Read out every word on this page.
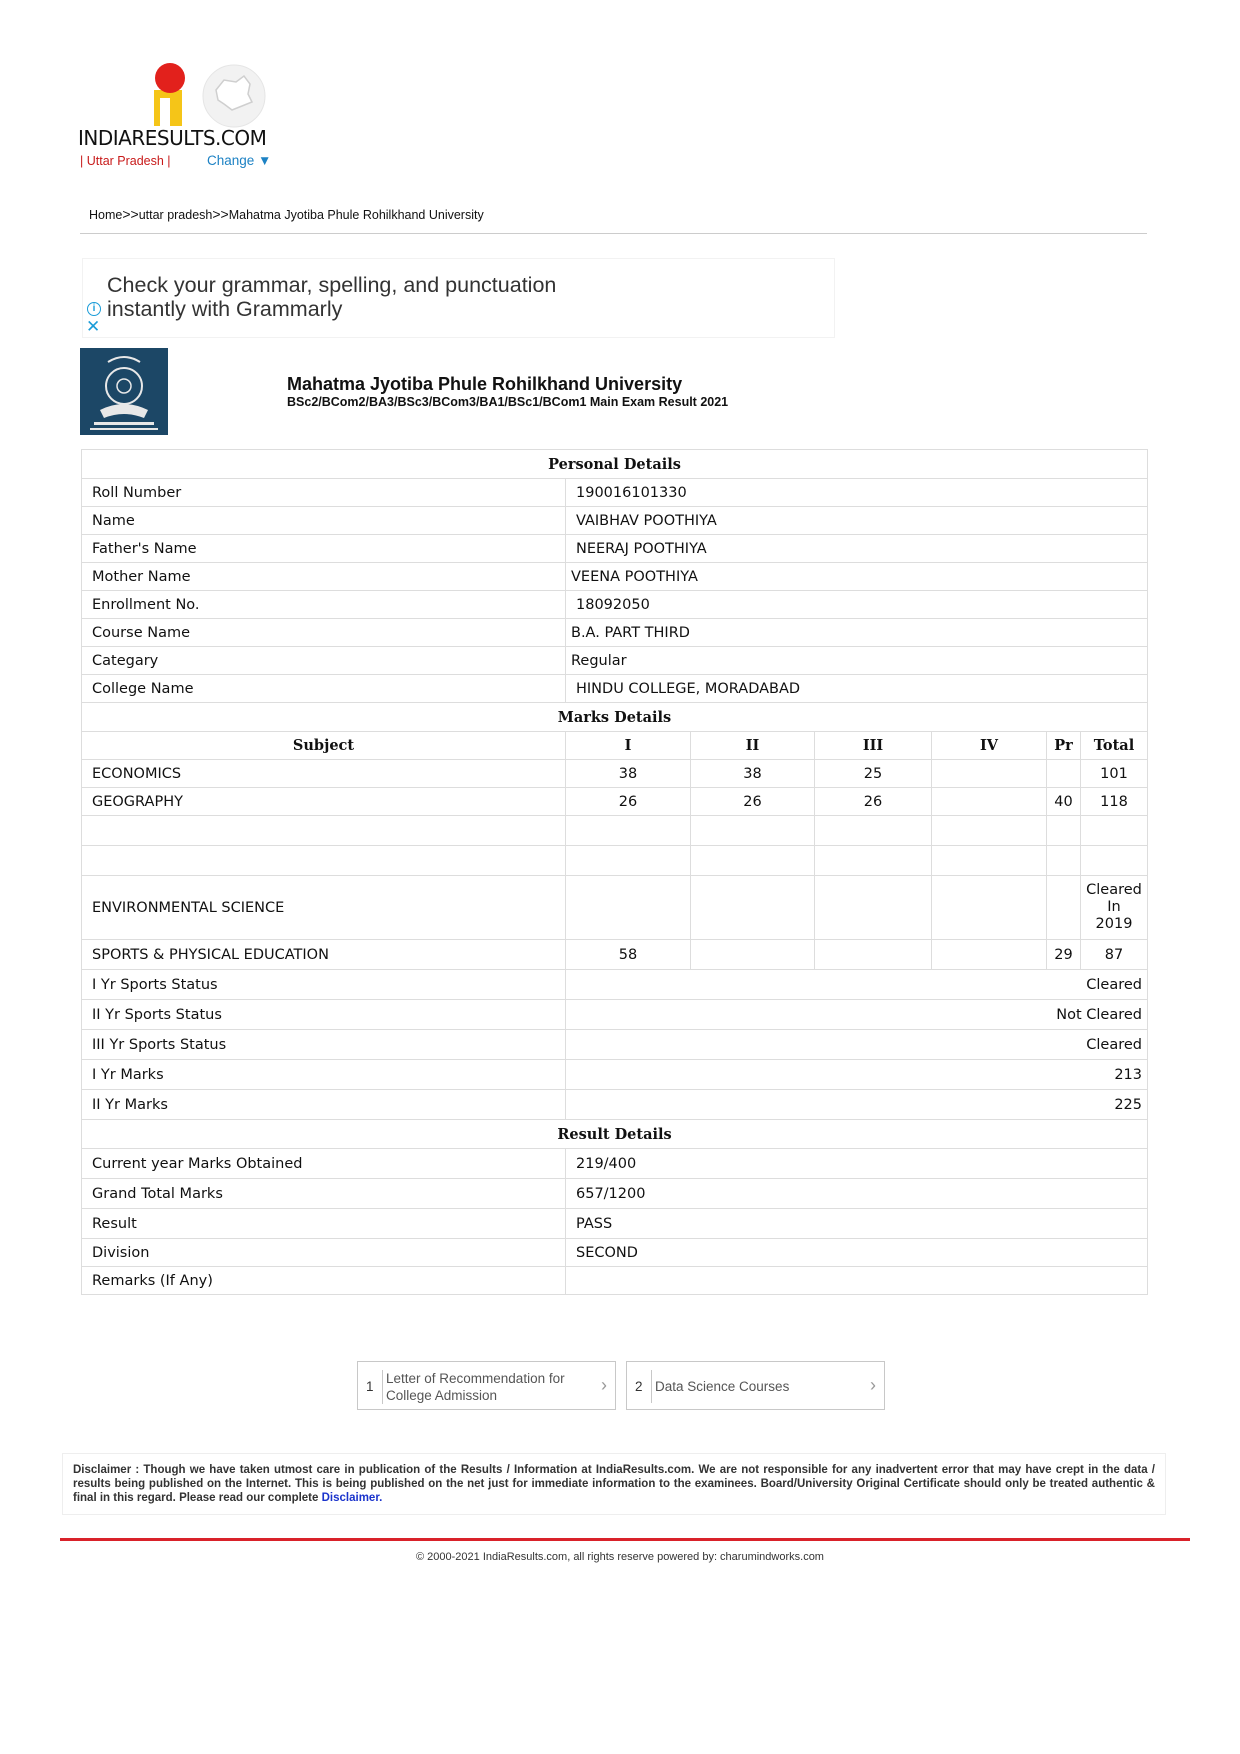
INDIARESULTS.COM
| Uttar Pradesh |	Change ▼
Home>>uttar pradesh>>Mahatma Jyotiba Phule Rohilkhand University
Check your grammar, spelling, and punctuation
instantly with Grammarly
i
✕
Mahatma Jyotiba Phule Rohilkhand University
BSc2/BCom2/BA3/BSc3/BCom3/BA1/BSc1/BCom1 Main Exam Result 2021
Personal Details						
Roll Number	190016101330					
Name	VAIBHAV POOTHIYA					
Father's Name	NEERAJ POOTHIYA					
Mother Name	VEENA POOTHIYA					
Enrollment No.	18092050					
Course Name	B.A. PART THIRD					
Categary	Regular					
College Name	HINDU COLLEGE, MORADABAD					
Marks Details						
Subject	I	II	III	IV	Pr	Total
ECONOMICS	38	38	25			101
GEOGRAPHY	26	26	26		40	118

ENVIRONMENTAL SCIENCE						Cleared
In
2019

SPORTS & PHYSICAL EDUCATION	58				29	87
I Yr Sports Status	Cleared					
II Yr Sports Status	Not Cleared					
III Yr Sports Status	Cleared					
I Yr Marks	213					
II Yr Marks	225					
Result Details						
Current year Marks Obtained	219/400					
Grand Total Marks	657/1200					
Result	PASS					
Division	SECOND					
Remarks (If Any)						
1
Letter of Recommendation for
College Admission
› 2 Data Science Courses	›
Disclaimer : Though we have taken utmost care in publication of the Results / Information at IndiaResults.com. We are not responsible for any inadvertent error that may have crept in the data / results being published on the Internet. This is being published on the net just for immediate information to the examinees. Board/University Original Certificate should only be treated authentic & final in this regard. Please read our complete Disclaimer.
© 2000-2021 IndiaResults.com, all rights reserve powered by: charumindworks.com
